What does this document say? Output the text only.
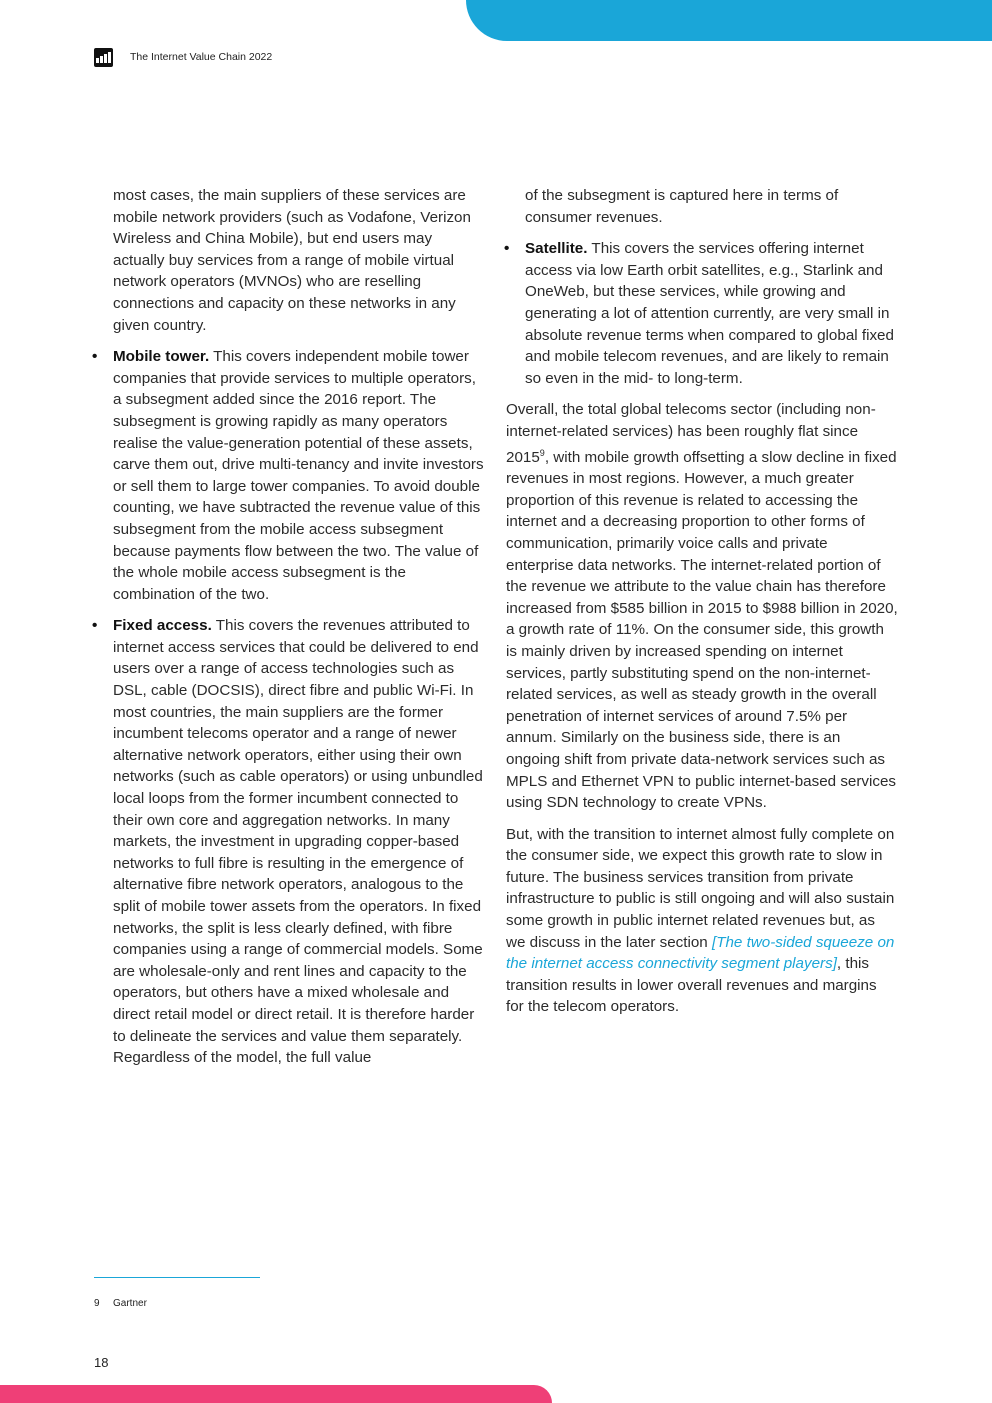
The Internet Value Chain 2022
most cases, the main suppliers of these services are mobile network providers (such as Vodafone, Verizon Wireless and China Mobile), but end users may actually buy services from a range of mobile virtual network operators (MVNOs) who are reselling connections and capacity on these networks in any given country.
•	Mobile tower. This covers independent mobile tower companies that provide services to multiple operators, a subsegment added since the 2016 report. The subsegment is growing rapidly as many operators realise the value-generation potential of these assets, carve them out, drive multi-tenancy and invite investors or sell them to large tower companies. To avoid double counting, we have subtracted the revenue value of this subsegment from the mobile access subsegment because payments flow between the two. The value of the whole mobile access subsegment is the combination of the two.
•	Fixed access. This covers the revenues attributed to internet access services that could be delivered to end users over a range of access technologies such as DSL, cable (DOCSIS), direct fibre and public Wi-Fi. In most countries, the main suppliers are the former incumbent telecoms operator and a range of newer alternative network operators, either using their own networks (such as cable operators) or using unbundled local loops from the former incumbent connected to their own core and aggregation networks. In many markets, the investment in upgrading copper-based networks to full fibre is resulting in the emergence of alternative fibre network operators, analogous to the split of mobile tower assets from the operators. In fixed networks, the split is less clearly defined, with fibre companies using a range of commercial models. Some are wholesale-only and rent lines and capacity to the operators, but others have a mixed wholesale and direct retail model or direct retail. It is therefore harder to delineate the services and value them separately. Regardless of the model, the full value
of the subsegment is captured here in terms of consumer revenues.
•	Satellite. This covers the services offering internet access via low Earth orbit satellites, e.g., Starlink and OneWeb, but these services, while growing and generating a lot of attention currently, are very small in absolute revenue terms when compared to global fixed and mobile telecom revenues, and are likely to remain so even in the mid- to long-term.

Overall, the total global telecoms sector (including non-internet-related services) has been roughly flat since 2015$^9$, with mobile growth offsetting a slow decline in fixed revenues in most regions. However, a much greater proportion of this revenue is related to accessing the internet and a decreasing proportion to other forms of communication, primarily voice calls and private enterprise data networks. The internet-related portion of the revenue we attribute to the value chain has therefore increased from $585 billion in 2015 to $988 billion in 2020, a growth rate of 11%. On the consumer side, this growth is mainly driven by increased spending on internet services, partly substituting spend on the non-internet-related services, as well as steady growth in the overall penetration of internet services of around 7.5% per annum. Similarly on the business side, there is an ongoing shift from private data-network services such as MPLS and Ethernet VPN to public internet-based services using SDN technology to create VPNs.

But, with the transition to internet almost fully complete on the consumer side, we expect this growth rate to slow in future. The business services transition from private infrastructure to public is still ongoing and will also sustain some growth in public internet related revenues but, as we discuss in the later section [The two-sided squeeze on the internet access connectivity segment players], this transition results in lower overall revenues and margins for the telecom operators.

9 Gartner
18
